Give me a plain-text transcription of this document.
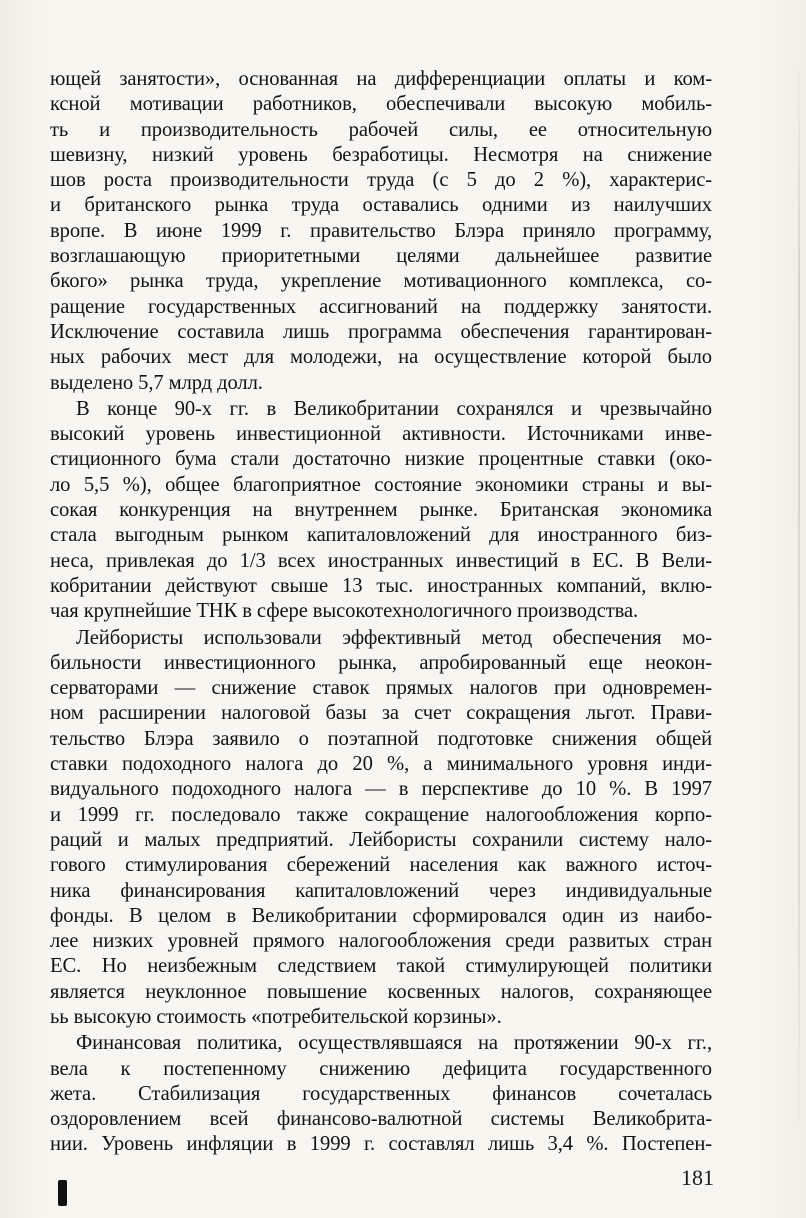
ющей занятости», основанная на дифференциации оплаты и ком-
ксной мотивации работников, обеспечивали высокую мобиль-
ть и производительность рабочей силы, ее относительную
шевизну, низкий уровень безработицы. Несмотря на снижение
шов роста производительности труда (с 5 до 2 %), характерис-
и британского рынка труда оставались одними из наилучших
вропе. В июне 1999 г. правительство Блэра приняло программу,
возглашающую приоритетными целями дальнейшее развитие
бкого» рынка труда, укрепление мотивационного комплекса, со-
ращение государственных ассигнований на поддержку занятости.
Исключение составила лишь программа обеспечения гарантирован-
ных рабочих мест для молодежи, на осуществление которой было
выделено 5,7 млрд долл.

В конце 90-х гг. в Великобритании сохранялся и чрезвычайно
высокий уровень инвестиционной активности. Источниками инве-
стиционного бума стали достаточно низкие процентные ставки (око-
ло 5,5 %), общее благоприятное состояние экономики страны и вы-
сокая конкуренция на внутреннем рынке. Британская экономика
стала выгодным рынком капиталовложений для иностранного биз-
неса, привлекая до 1/3 всех иностранных инвестиций в ЕС. В Вели-
кобритании действуют свыше 13 тыс. иностранных компаний, вклю-
чая крупнейшие ТНК в сфере высокотехнологичного производства.

Лейбористы использовали эффективный метод обеспечения мо-
бильности инвестиционного рынка, апробированный еще неокон-
серваторами — снижение ставок прямых налогов при одновремен-
ном расширении налоговой базы за счет сокращения льгот. Прави-
тельство Блэра заявило о поэтапной подготовке снижения общей
ставки подоходного налога до 20 %, а минимального уровня инди-
видуального подоходного налога — в перспективе до 10 %. В 1997
и 1999 гг. последовало также сокращение налогообложения корпо-
раций и малых предприятий. Лейбористы сохранили систему нало-
гового стимулирования сбережений населения как важного источ-
ника финансирования капиталовложений через индивидуальные
фонды. В целом в Великобритании сформировался один из наибо-
лее низких уровней прямого налогообложения среди развитых стран
ЕС. Но неизбежным следствием такой стимулирующей политики
является неуклонное повышение косвенных налогов, сохраняющее
ьь высокую стоимость «потребительской корзины».

Финансовая политика, осуществлявшаяся на протяжении 90-х гг.,
вела к постепенному снижению дефицита государственного
жета. Стабилизация государственных финансов сочеталась
оздоровлением всей финансово-валютной системы Великобрита-
нии. Уровень инфляции в 1999 г. составлял лишь 3,4 %. Постепен-

181
